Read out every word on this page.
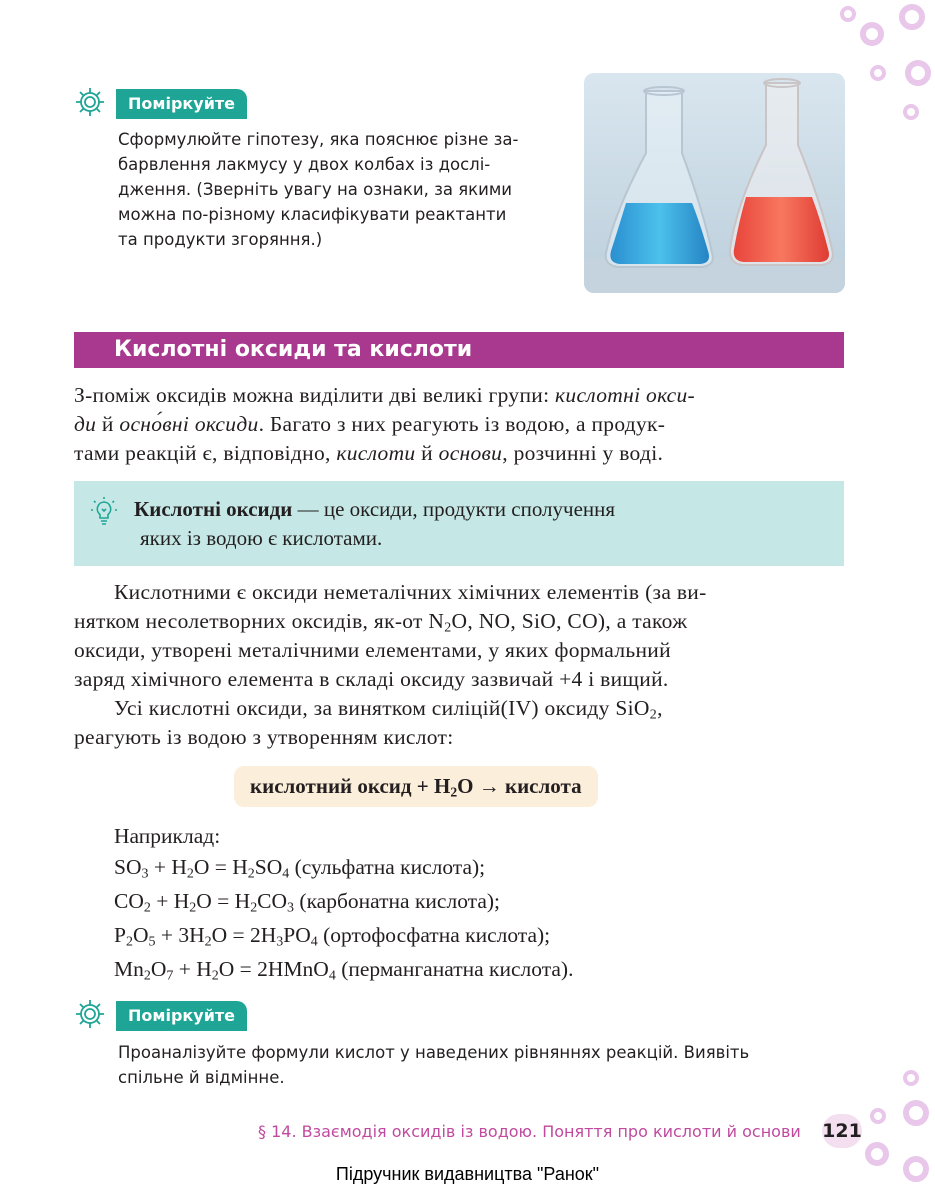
Поміркуйте
Сформулюйте гіпотезу, яка пояснює різне за-
барвлення лакмусу у двох колбах із дослі-
дження. (Зверніть увагу на ознаки, за якими
можна по-різному класифікувати реактанти
та продукти згоряння.)
Кислотні оксиди та кислоти
З-поміж оксидів можна виділити дві великі групи: кислотні окси-
ди й осно́вні оксиди. Багато з них реагують із водою, а продук-
тами реакцій є, відповідно, кислоти й основи, розчинні у воді.
Кислотні оксиди — це оксиди, продукти сполучення
яких із водою є кислотами.
Кислотними є оксиди неметалічних хімічних елементів (за ви-
нятком несолетворних оксидів, як-от $N_2O$, NO, SiO, CO), а також
оксиди, утворені металічними елементами, у яких формальний
заряд хімічного елемента в складі оксиду зазвичай +4 і вищий.
Усі кислотні оксиди, за винятком силіцій(IV) оксиду SiO$_2$,
реагують із водою з утворенням кислот:
кислотний оксид + $H_2O$ → кислота
Наприклад:
$SO_3 + H_2O = H_2SO_4$ (сульфатна кислота);
$CO_2 + H_2O = H_2CO_3$ (карбонатна кислота);
$P_2O_5 + 3H_2O = 2H_3PO_4$ (ортофосфатна кислота);
$Mn_2O_7 + H_2O$ = 2HMnO$_4$ (перманганатна кислота).
Поміркуйте
Проаналізуйте формули кислот у наведених рівняннях реакцій. Виявіть
спільне й відмінне.
§ 14. Взаємодія оксидів із водою. Поняття про кислоти й основи 121
Підручник видавництва "Ранок"
